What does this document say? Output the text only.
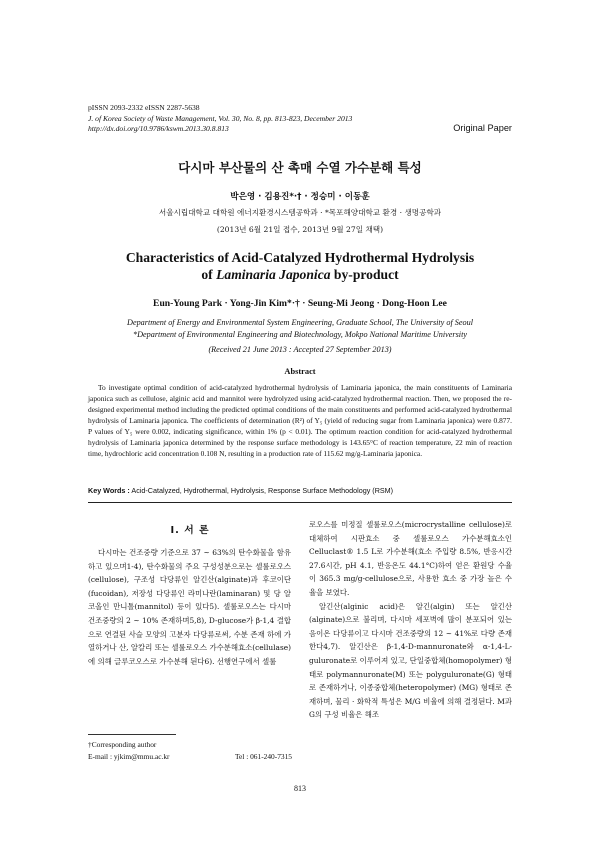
pISSN 2093-2332 eISSN 2287-5638
J. of Korea Society of Waste Management, Vol. 30, No. 8, pp. 813-823, December 2013
http://dx.doi.org/10.9786/kswm.2013.30.8.813	Original Paper
다시마 부산물의 산 촉매 수열 가수분해 특성
박은영 · 김용진*·† · 정승미 · 이동훈
서울시립대학교 대학원 에너지환경시스템공학과 · *목포해양대학교 환경 · 생명공학과
(2013년 6월 21일 접수, 2013년 9월 27일 채택)
Characteristics of Acid-Catalyzed Hydrothermal Hydrolysis
of Laminaria Japonica by-product
Eun-Young Park · Yong-Jin Kim*·† · Seung-Mi Jeong · Dong-Hoon Lee
Department of Energy and Environmental System Engineering, Graduate School, The University of Seoul
*Department of Environmental Engineering and Biotechnology, Mokpo National Maritime University
(Received 21 June 2013 : Accepted 27 September 2013)
Abstract
To investigate optimal condition of acid-catalyzed hydrothermal hydrolysis of Laminaria japonica, the main constituents of Laminaria japonica such as cellulose, alginic acid and mannitol were hydrolyzed using acid-catalyzed hydrothermal reaction. Then, we proposed the re-designed experimental method including the predicted optimal conditions of the main constituents and performed acid-catalyzed hydrothermal hydrolysis of Laminaria japonica. The coefficients of determination (R²) of Y₅ (yield of reducing sugar from Laminaria japonica) were 0.877. P values of Y₅ were 0.002, indicating significance, within 1% (p < 0.01). The optimum reaction condition for acid-catalyzed hydrothermal hydrolysis of Laminaria japonica determined by the response surface methodology is 143.65°C of reaction temperature, 22 min of reaction time, hydrochloric acid concentration 0.108 N, resulting in a production rate of 115.62 mg/g-Laminaria japonica.
Key Words : Acid-Catalyzed, Hydrothermal, Hydrolysis, Response Surface Methodology (RSM)
I. 서 론

다시마는 건조중량 기준으로 37 ~ 63%의 탄수화물을 함유하고 있으며1-4), 탄수화물의 주요 구성성분으로는 셀룰로오스(cellulose), 구조성 다당류인 알긴산(alginate)과 후코이단(fucoidan), 저장성 다당류인 라미나란(laminaran) 및 당 알코올인 만니톨(mannitol) 등이 있다5). 셀룰로오스는 다시마 건조중량의 2 ~ 10% 존재하며5,8), D-glucose가 β-1,4 결합으로 연결된 사슬 모양의 고분자 다당류로써, 수분 존재 하에 가열하거나 산, 알칼리 또는 셀룰로오스 가수분해효소(cellulase)에 의해 글루코오스로 가수분해 된다6). 선행연구에서 셀룰

로오스를 미정질 셀룰로오스(microcrystalline cellulose)로 대체하여 시판효소 중 셀룰로오스 가수분해효소인 Celluclast® 1.5 L로 가수분해(효소 주입량 8.5%, 반응시간 27.6시간, pH 4.1, 반응온도 44.1°C)하여 얻은 환원당 수율이 365.3 mg/g-cellulose으로, 사용한 효소 중 가장 높은 수율을 보였다.

알긴산(alginic acid)은 알긴(algin) 또는 알긴산(alginate)으로 불리며, 다시마 세포벽에 많이 분포되어 있는 음이온 다당류이고 다시마 건조중량의 12 ~ 41%로 다량 존재한다4,7). 알긴산은 β-1,4-D-mannuronate와 α-1,4-L-guluronate로 이루어져 있고, 단일중합체(homopolymer) 형태로 polymannuronate(M) 또는 polyguluronate(G) 형태로 존재하거나, 이종중합체(heteropolymer) (MG) 형태로 존재하며, 물리 · 화학적 특성은 M/G 비율에 의해 결정된다. M과 G의 구성 비율은 해조

†Corresponding author
E-mail : yjkim@mmu.ac.kr	Tel : 061-240-7315
813
